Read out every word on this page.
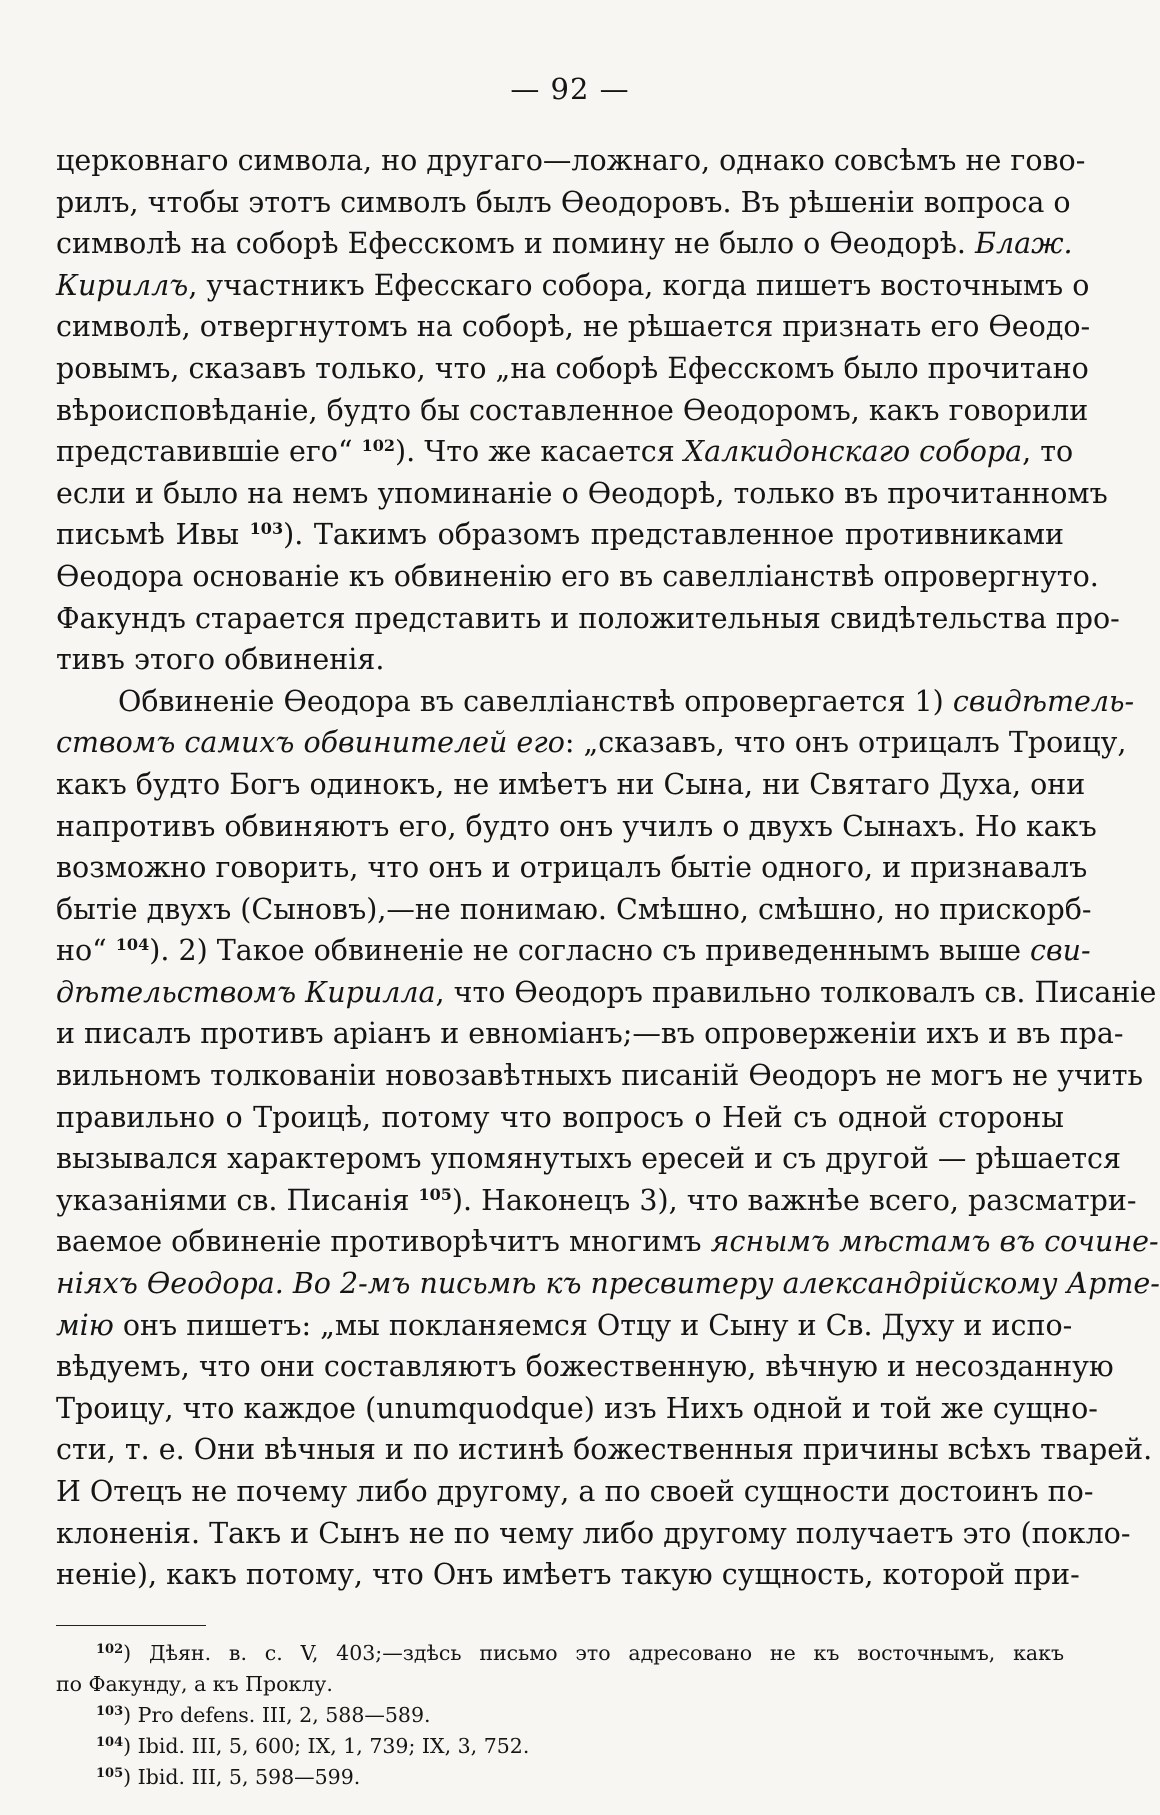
— 92 —
церковнаго символа, но другаго—ложнаго, однако совсѣмъ не гово-
рилъ, чтобы этотъ символъ былъ Ѳеодоровъ. Въ рѣшеніи вопроса о
символѣ на соборѣ Ефесскомъ и помину не было о Ѳеодорѣ. Блаж.
Кириллъ, участникъ Ефесскаго собора, когда пишетъ восточнымъ о
символѣ, отвергнутомъ на соборѣ, не рѣшается признать его Ѳеодо-
ровымъ, сказавъ только, что „на соборѣ Ефесскомъ было прочитано
вѣроисповѣданіе, будто бы составленное Ѳеодоромъ, какъ говорили
представившіе его“ $^{102}$). Что же касается Халкидонскаго собора, то
если и было на немъ упоминаніе о Ѳеодорѣ, только въ прочитанномъ
письмѣ Ивы $^{103}$). Такимъ образомъ представленное противниками
Ѳеодора основаніе къ обвиненію его въ савелліанствѣ опровергнуто.
Факундъ старается представить и положительныя свидѣтельства про-
тивъ этого обвиненія.
Обвиненіе Ѳеодора въ савелліанствѣ опровергается 1) свидѣтель-
ствомъ самихъ обвинителей его: „сказавъ, что онъ отрицалъ Троицу,
какъ будто Богъ одинокъ, не имѣетъ ни Сына, ни Святаго Духа, они
напротивъ обвиняютъ его, будто онъ училъ о двухъ Сынахъ. Но какъ
возможно говорить, что онъ и отрицалъ бытіе одного, и признавалъ
бытіе двухъ (Сыновъ),—не понимаю. Смѣшно, смѣшно, но прискорб-
но“ $^{104}$). 2) Такое обвиненіе не согласно съ приведеннымъ выше сви-
дѣтельствомъ Кирилла, что Ѳеодоръ правильно толковалъ св. Писаніе
и писалъ противъ аріанъ и евноміанъ;—въ опроверженіи ихъ и въ пра-
вильномъ толкованіи новозавѣтныхъ писаній Ѳеодоръ не могъ не учить
правильно о Троицѣ, потому что вопросъ о Ней съ одной стороны
вызывался характеромъ упомянутыхъ ересей и съ другой — рѣшается
указаніями св. Писанія $^{105}$). Наконецъ 3), что важнѣе всего, разсматри-
ваемое обвиненіе противорѣчитъ многимъ яснымъ мѣстамъ въ сочине-
ніяхъ Ѳеодора. Во 2-мъ письмѣ къ пресвитеру александрійскому Арте-
мію онъ пишетъ: „мы покланяемся Отцу и Сыну и Св. Духу и испо-
вѣдуемъ, что они составляютъ божественную, вѣчную и несозданную
Троицу, что каждое (unumquodque) изъ Нихъ одной и той же сущно-
сти, т. е. Они вѣчныя и по истинѣ божественныя причины всѣхъ тварей.
И Отецъ не почему либо другому, а по своей сущности достоинъ по-
клоненія. Такъ и Сынъ не по чему либо другому получаетъ это (покло-
неніе), какъ потому, что Онъ имѣетъ такую сущность, которой при-
$^{102}$) Дѣян. в. с. V, 403;—здѣсь письмо это адресовано не къ восточнымъ, какъ
по Факунду, а къ Проклу.
$^{103}$) Pro defens. III, 2, 588—589.
$^{104}$) Ibid. III, 5, 600; IX, 1, 739; IX, 3, 752.
$^{105}$) Ibid. III, 5, 598—599.
